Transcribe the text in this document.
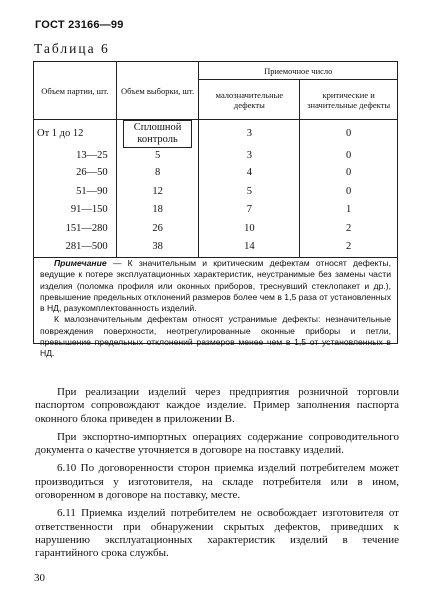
ГОСТ 23166—99
Таблица 6
Объем партии, шт.	Объем выборки, шт.	Приемочное число	
		малозначительные дефекты	критические и значительные дефекты
От 1 до 12	Сплошной контроль	3	0
13—25	5	3	0
26—50	8	4	0
51—90	12	5	0
91—150	18	7	1
151—280	26	10	2
281—500	38	14	2

Примечание — К значительным и критическим дефектам относят дефекты, ведущие к потере эксплуатационных характеристик, неустранимые без замены части изделия (поломка профиля или оконных приборов, треснувший стеклопакет и др.), превышение предельных отклонений размеров более чем в 1,5 раза от установленных в НД, разукомплектованность изделий.

К малозначительным дефектам относят устранимые дефекты: незначительные повреждения поверхности, неотрегулированные оконные приборы и петли, превышение предельных отклонений размеров менее чем в 1,5 от установленных в НД.

При реализации изделий через предприятия розничной торговли паспортом сопровождают каждое изделие. Пример заполнения паспорта оконного блока приведен в приложении В.

При экспортно-импортных операциях содержание сопроводительного документа о качестве уточняется в договоре на поставку изделий.

6.10 По договоренности сторон приемка изделий потребителем может производиться у изготовителя, на складе потребителя или в ином, оговоренном в договоре на поставку, месте.

6.11 Приемка изделий потребителем не освобождает изготовителя от ответственности при обнаружении скрытых дефектов, приведших к нарушению эксплуатационных характеристик изделий в течение гарантийного срока службы.

30
